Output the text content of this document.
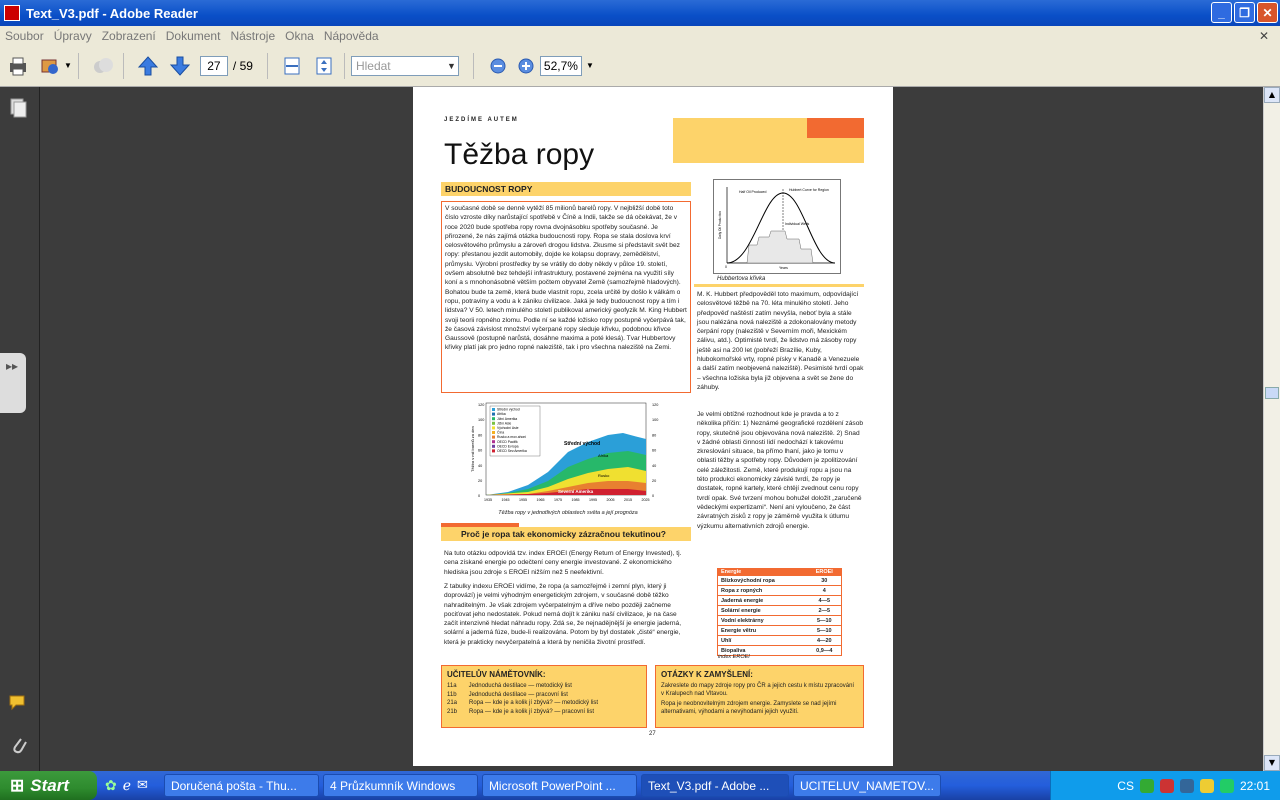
Text_V3.pdf - Adobe Reader	_	❐	✕
Soubor Úpravy Zobrazení Dokument Nástroje Okna Nápověda	✕
▼	27	/ 59	Hledat	▼	52,7% ▼
▸▸
JEZDÍME AUTEM
Těžba ropy
BUDOUCNOST ROPY
V současné době se denně vytěží 85 milionů barelů ropy. V nejbližší době toto číslo vzroste díky narůstající spotřebě v Číně a Indii, takže se dá očekávat, že v roce 2020 bude spotřeba ropy rovna dvojnásobku spotřeby současné. Je přirozené, že nás zajímá otázka budoucnosti ropy. Ropa se stala doslova krví celosvětového průmyslu a zároveň drogou lidstva. Zkusme si představit svět bez ropy: přestanou jezdit automobily, dojde ke kolapsu dopravy, zemědělství, průmyslu. Výrobní prostředky by se vrátily do doby někdy v půlce 19. století, ovšem absolutně bez tehdejší infrastruktury, postavené zejména na využití síly koní a s mnohonásobně větším počtem obyvatel Země (samozřejmě hladových). Bohatou bude ta země, která bude vlastnit ropu, zcela určitě by došlo k válkám o ropu, potraviny a vodu a k zániku civilizace. Jaká je tedy budoucnost ropy a tím i lidstva? V 50. letech minulého století publikoval americký geofyzik M. King Hubbert svoji teorii ropného zlomu. Podle ní se každé ložisko ropy postupně vyčerpává tak, že časová závislost množství vyčerpané ropy sleduje křivku, podobnou křivce Gaussově (postupně narůstá, dosáhne maxima a poté klesá). Tvar Hubbertovy křivky platí jak pro jedno ropné naleziště, tak i pro všechna naleziště na Zemi.
Half Oil Produced	Hubbert Curve for Region
Individual Wells
Daily Oil Production
0	Years
Hubbertova křivka
M. K. Hubbert předpověděl toto maximum, odpovídající celosvětové těžbě na 70. léta minulého století. Jeho předpověď naštěstí zatím nevyšla, neboť byla a stále jsou nalézána nová naleziště a zdokonalovány metody čerpání ropy (naleziště v Severním moři, Mexickém zálivu, atd.). Optimisté tvrdí, že lidstvo má zásoby ropy ještě asi na 200 let (pobřeží Brazílie, Kuby, hlubokomořské vrty, ropné písky v Kanadě a Venezuele a další zatím neobjevená naleziště). Pesimisté tvrdí opak – všechna ložiska byla již objevena a svět se žene do záhuby.
Je velmi obtížné rozhodnout kde je pravda a to z několika příčin: 1) Neznámé geografické rozdělení zásob ropy, skutečně jsou objevována nová naleziště. 2) Snad v žádné oblasti činnosti lidí nedochází k takovému zkreslování situace, ba přímo lhaní, jako je tomu v oblasti těžby a spotřeby ropy. Důvodem je zpolitizování celé záležitosti. Země, které produkují ropu a jsou na této produkci ekonomicky závislé tvrdí, že ropy je dostatek, ropné kartely, které chtějí zvednout cenu ropy tvrdí opak. Své tvrzení mohou bohužel doložit „zaručeně vědeckými expertizami“. Není ani vyloučeno, že část závratných zisků z ropy je záměrně využita k útlumu výzkumu alternativních zdrojů energie.
Střední východ
Afrika
Rusko
Severní Amerika
Střední východ
Afrika
Jižní Amerika
Jižní Asie
Východní Asie
Čína
Rusko a mox.ahoni
OECD Pacifik
OECD Evropa
OECD Sev.Amerika
120	120
100	100
80	80
60	60
40	40
20	20
0	0
1935	1945	1955	1965	1975	1985	1995	2005	2015	2025
Těžba v mil barelů za den
Těžba ropy v jednotlivých oblastech světa a její prognóza
Proč je ropa tak ekonomicky zázračnou tekutinou?
Na tuto otázku odpovídá tzv. index EROEI (Energy Return of Energy Invested), tj. cena získané energie po odečtení ceny energie investované. Z ekonomického hlediska jsou zdroje s EROEI nižším než 5 neefektivní.
Z tabulky indexu EROEI vidíme, že ropa (a samozřejmě i zemní plyn, který ji doprovází) je velmi výhodným energetickým zdrojem, v současné době těžko nahraditelným. Je však zdrojem vyčerpatelným a dříve nebo později začneme pociťovat jeho nedostatek. Pokud nemá dojít k zániku naší civilizace, je na čase začít intenzivně hledat náhradu ropy. Zdá se, že nejnadějnější je energie jaderná, solární a jaderná fúze, bude-li realizována. Potom by byl dostatek „čisté“ energie, která je prakticky nevyčerpatelná a která by neničila životní prostředí.
Energie	EROEI
Blízkovýchodní ropa	30
Ropa z ropných	4
Jaderná energie	4—5
Solární energie	2—5
Vodní elektrárny	5—10
Energie větru	5—10
Uhlí	4—20
Biopaliva	0,9—4
index EROEI
UČITELŮV NÁMĚTOVNÍK:
11a Jednoduchá destilace — metodický list
11b Jednoduchá destilace — pracovní list
21a Ropa — kde je a kolik jí zbývá? — metodický list
21b Ropa — kde je a kolik jí zbývá? — pracovní list
OTÁZKY K ZAMYŠLENÍ:
Zakreslete do mapy zdroje ropy pro ČR a jejich cestu k místu zpracování v Kralupech nad Vltavou.
Ropa je neobnovitelným zdrojem energie. Zamyslete se nad jejími alternativami, výhodami a nevýhodami jejich využití.
27
▲
▼
⊞ Start	✿ ℯ ✉ Doručená pošta - Thu...	4 Průzkumník Windows	Microsoft PowerPoint ...	Text_V3.pdf - Adobe ...	UCITELUV_NAMETOV...	CS	22:01
